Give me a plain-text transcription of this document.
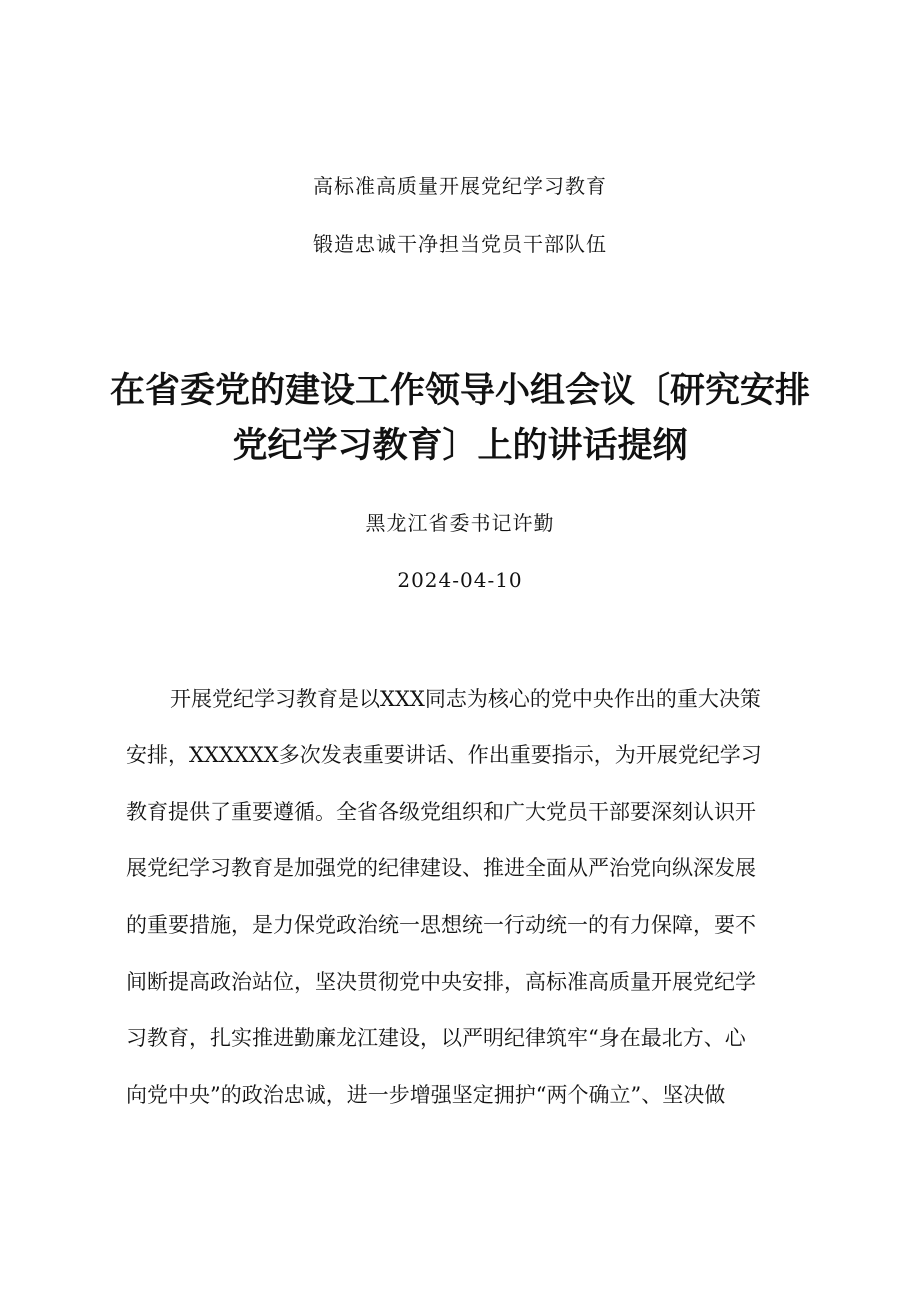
高标准高质量开展党纪学习教育
锻造忠诚干净担当党员干部队伍
在省委党的建设工作领导小组会议〔研究安排
党纪学习教育〕上的讲话提纲
黑龙江省委书记许勤
2024-04-10
开展党纪学习教育是以XXX同志为核心的党中央作出的重大决策
安排，XXXXXX多次发表重要讲话、作出重要指示，为开展党纪学习
教育提供了重要遵循。全省各级党组织和广大党员干部要深刻认识开
展党纪学习教育是加强党的纪律建设、推进全面从严治党向纵深发展
的重要措施，是力保党政治统一思想统一行动统一的有力保障，要不
间断提高政治站位，坚决贯彻党中央安排，高标准高质量开展党纪学
习教育，扎实推进勤廉龙江建设，以严明纪律筑牢“身在最北方、心
向党中央”的政治忠诚，进一步增强坚定拥护“两个确立”、坚决做
